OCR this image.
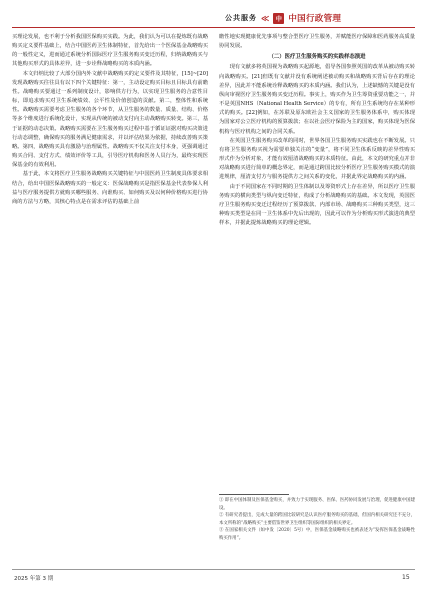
公共服务 ≪	中 中国行政管理

买理论发展，也不利于分析我国医保购买实践。为此，我们认为可以在提炼既有战略购买定义要件基础上，结合中国医药卫生体制特征，首先给出一个医保基金战略购买的一般性定义，进而通过系统分析国际医疗卫生服务购买变迁历程，归纳战略购买与其他购买形式的具体差异，进一步诠释战略购买的本质内涵。

本文归纳比较了大部分国内外文献中战略购买的定义要件及其特征，[15]~[20]发现战略购买往往具有以下四个关键特征：第一，主动设定购买目标且目标具有前瞻性。战略购买要通过一系列制度设计，影响供方行为，以实现卫生服务的合意性目标，即追求购买对卫生系统绩效、公平性及价值创造的贡献。第二，整体性和系统性。战略购买需要考虑卫生服务的各个环节，从卫生服务的数量、质量、结构、价格等多个维度进行系统化设计，实现从传统的被动支付向主动战略购买转变。第三，基于证据的动态决策。战略购买需要在卫生服务购买过程中基于循证证据对购买决策进行动态调整，确保购买的服务满足健康需求，并以评估结果为依据，持续改善购买策略。第四，战略购买具有激励与治理属性。战略购买不仅关注支付本身，更强调通过购买合同、支付方式、绩效评价等工具，引导医疗机构和医务人员行为，最终实现医保基金的有效利用。

基于此，本文将医疗卫生服务战略购买关键特征与中国医药卫生制度具体要求相结合，给出中国医保战略购买的一般定义：医保战略购买是指医保基金代表参保人利益与医疗服务提供方就购买哪些服务、向谁购买、如何购买及以何种价格购买进行协商的方法与方略，其核心特点是在需求评估的基础上前

瞻性地实现健康优先事项与整合型医疗卫生服务，并赋能医疗保障和医药服务高质量协同发展。

（二）医疗卫生服务购买的实践样态演进

现有文献多将英国视为战略购买起源地，倡导各国参照英国的改革从被动购买转向战略购买。[21]但既有文献并没有系统阐述被动购买和战略购买背后存在的理论差异，因此并不能系统诠释战略购买的本质内涵。我们认为，上述缺憾的关键是没有纵向审视医疗卫生服务购买变迁历程。事实上，购买作为卫生筹资重要功能之一，并不是英国NHS（National Health Service）的专有，所有卫生系统均存在某种形式的购买。[22]例如，在苏联及原东欧社会主义国家的卫生服务体系中，购买体现为国家对公立医疗机构的预算拨款；在以社会医疗保险为主的国家，购买体现为医保机构与医疗机构之间的合同关系。

在英国卫生服务购买改革的同时，世界各国卫生服务购买实践也在不断发展。只有将卫生服务购买视为需要单独关注的“变量”，将不同卫生体系反映的差异性购买形式作为分析对象，才能有效厘清战略购买的本质特征。由此，本文的研究重点并非对战略购买进行简单的概念界定，而是通过跨国比较分析医疗卫生服务购买模式的演进规律，厘清支付方与服务提供方之间关系的变化，并据此界定战略购买的内涵。

由于不同国家在不同时期的卫生体制以及筹资形式上存在差异，所以医疗卫生服务购买的横向类型与纵向变迁特征，构成了分析战略购买的基础。本文发现，英国医疗卫生服务购买变迁过程经历了预算拨款、内部市场、战略购买三种购买类型，这三种购买类型是在同一卫生体系中先后出现的，因此可以作为分析购买形式演进的典型样本，并据此提炼战略购买的理论逻辑。

① 即在中国体制及医保基金购买，并致力于实现服务、医保、医药协同发展与治理，促进健康中国建设。

② 有研究者提出，完成大量的跨国比较研究是认识医疗服务购买的基础，但国内相关研究还不充分，本文所称的“战略购买”主要借鉴世界卫生组织等国际组织的相关界定。

③ 在国家相关文件（如中发〔2020〕5号）中，医保基金战略购买也被表述为“发挥医保基金战略性购买作用”。

2025 年第 3 期	15
